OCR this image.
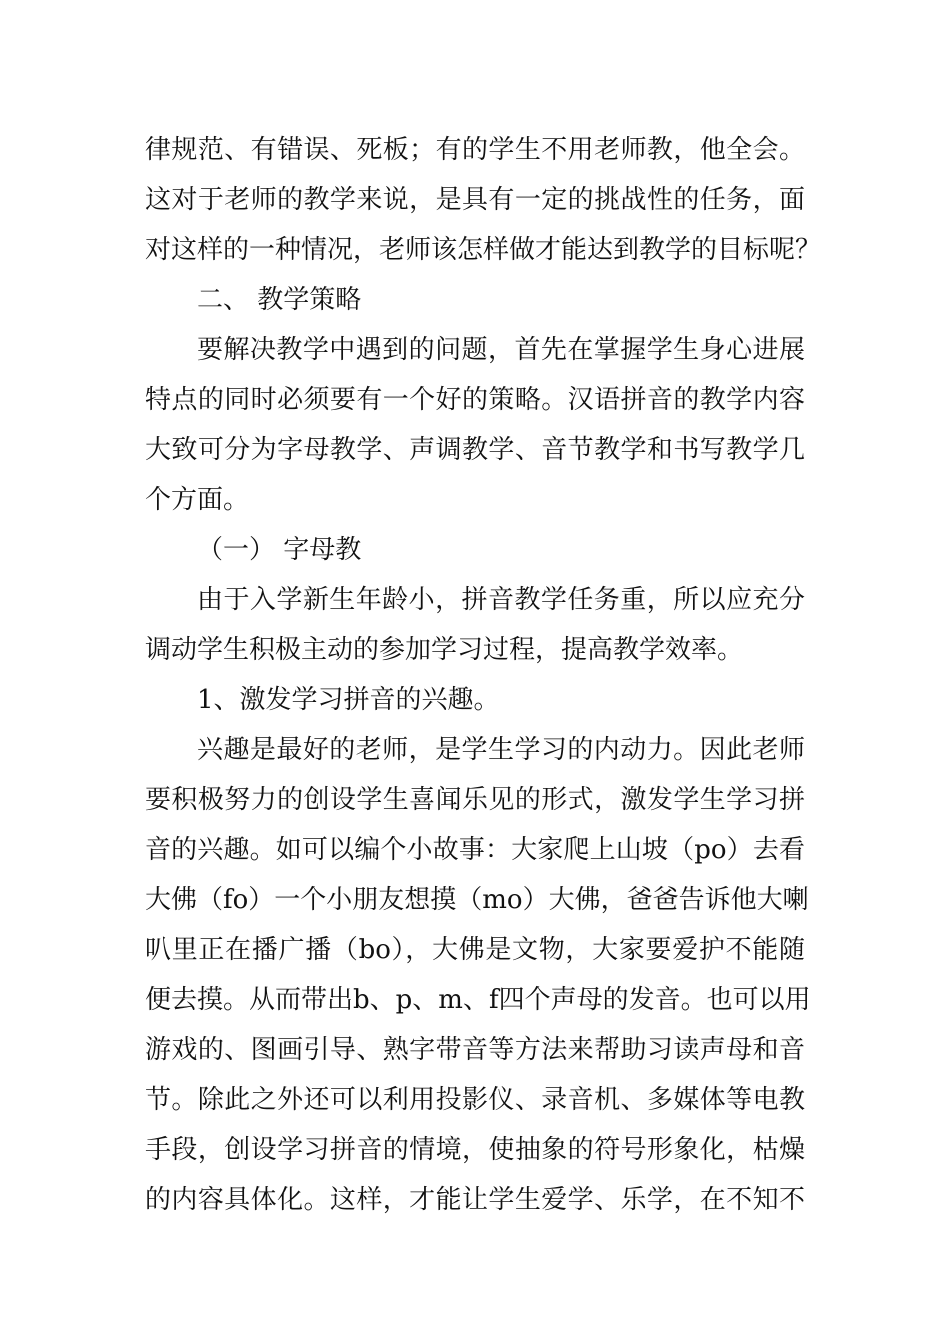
律规范、有错误、死板；有的学生不用老师教，他全会。
这对于老师的教学来说，是具有一定的挑战性的任务，面
对这样的一种情况，老师该怎样做才能达到教学的目标呢？
二、 教学策略
要解决教学中遇到的问题，首先在掌握学生身心进展
特点的同时必须要有一个好的策略。汉语拼音的教学内容
大致可分为字母教学、声调教学、音节教学和书写教学几
个方面。
（一） 字母教
由于入学新生年龄小，拼音教学任务重，所以应充分
调动学生积极主动的参加学习过程，提高教学效率。
1、激发学习拼音的兴趣。
兴趣是最好的老师，是学生学习的内动力。因此老师
要积极努力的创设学生喜闻乐见的形式，激发学生学习拼
音的兴趣。如可以编个小故事：大家爬上山坡（po）去看
大佛（fo）一个小朋友想摸（mo）大佛，爸爸告诉他大喇
叭里正在播广播（bo），大佛是文物，大家要爱护不能随
便去摸。从而带出b、p、m、f四个声母的发音。也可以用
游戏的、图画引导、熟字带音等方法来帮助习读声母和音
节。除此之外还可以利用投影仪、录音机、多媒体等电教
手段，创设学习拼音的情境，使抽象的符号形象化，枯燥
的内容具体化。这样，才能让学生爱学、乐学，在不知不
